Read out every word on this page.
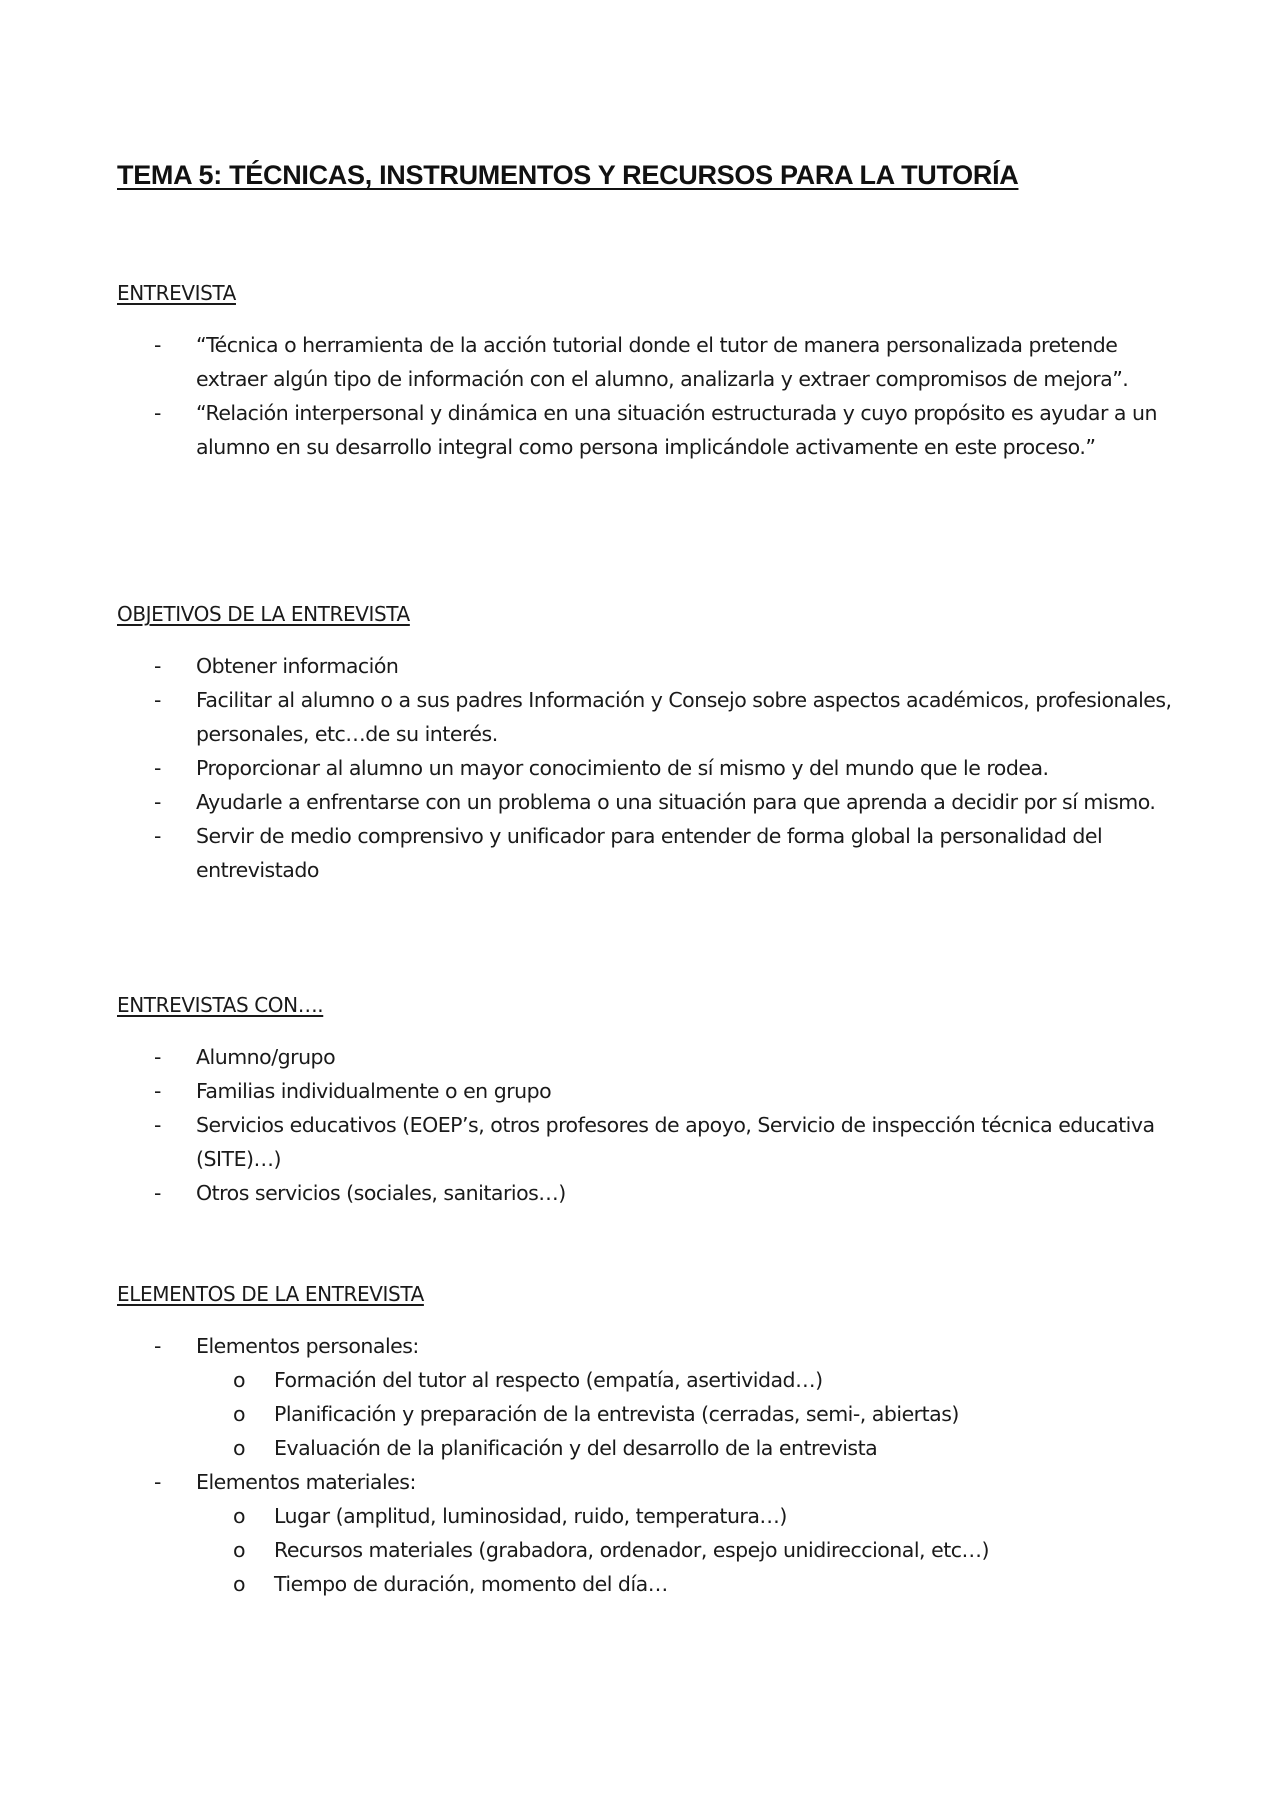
TEMA 5: TÉCNICAS, INSTRUMENTOS Y RECURSOS PARA LA TUTORÍA
ENTREVISTA
- “Técnica o herramienta de la acción tutorial donde el tutor de manera personalizada pretende extraer algún tipo de información con el alumno, analizarla y extraer compromisos de mejora”.
- “Relación interpersonal y dinámica en una situación estructurada y cuyo propósito es ayudar a un alumno en su desarrollo integral como persona implicándole activamente en este proceso.”
OBJETIVOS DE LA ENTREVISTA
- Obtener información
- Facilitar al alumno o a sus padres Información y Consejo sobre aspectos académicos, profesionales, personales, etc…de su interés.
- Proporcionar al alumno un mayor conocimiento de sí mismo y del mundo que le rodea.
- Ayudarle a enfrentarse con un problema o una situación para que aprenda a decidir por sí mismo.
- Servir de medio comprensivo y unificador para entender de forma global la personalidad del entrevistado
ENTREVISTAS CON….
- Alumno/grupo
- Familias individualmente o en grupo
- Servicios educativos (EOEP’s, otros profesores de apoyo, Servicio de inspección técnica educativa (SITE)…)
- Otros servicios (sociales, sanitarios…)
ELEMENTOS DE LA ENTREVISTA
- Elementos personales:
o Formación del tutor al respecto (empatía, asertividad…)
o Planificación y preparación de la entrevista (cerradas, semi-, abiertas)
o Evaluación de la planificación y del desarrollo de la entrevista
- Elementos materiales:
o Lugar (amplitud, luminosidad, ruido, temperatura…)
o Recursos materiales (grabadora, ordenador, espejo unidireccional, etc…)
o Tiempo de duración, momento del día…
